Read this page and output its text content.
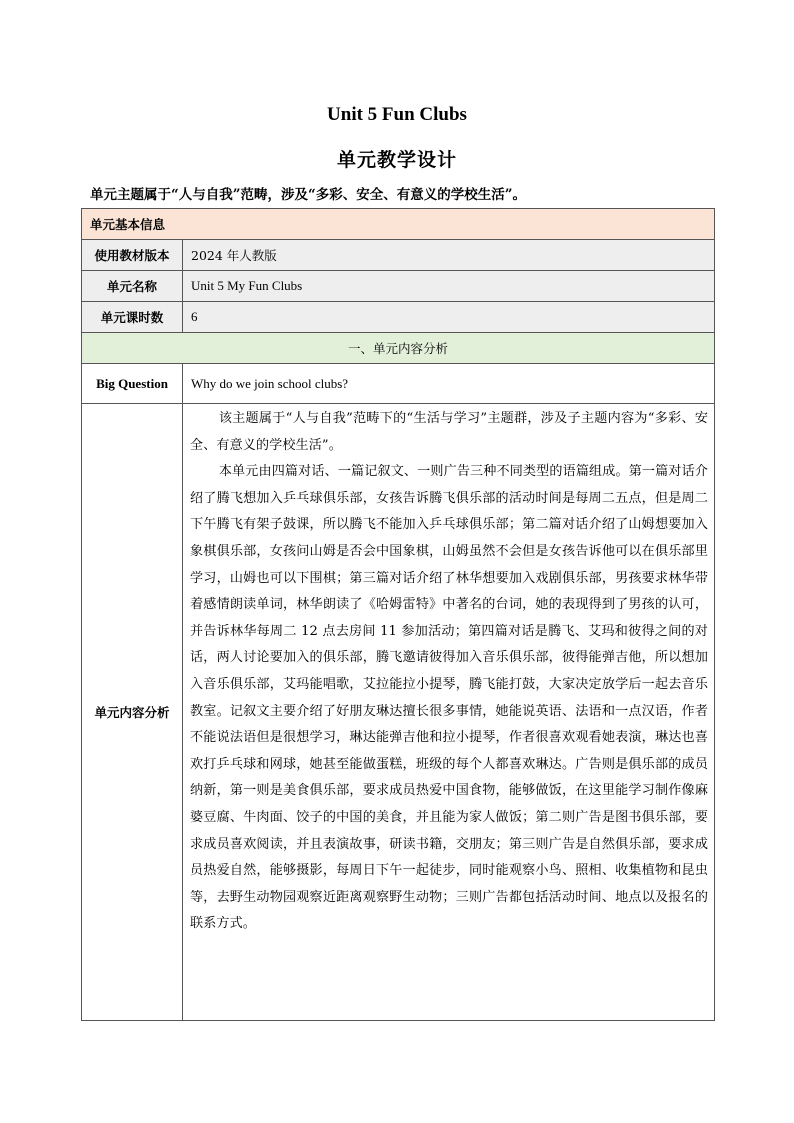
Unit 5 Fun Clubs
单元教学设计
单元主题属于“人与自我”范畴，涉及“多彩、安全、有意义的学校生活”。
单元基本信息	
使用教材版本	2024 年人教版
单元名称	Unit 5 My Fun Clubs
单元课时数	6
一、单元内容分析	
Big Question	Why do we join school clubs?
单元内容分析	该主题属于“人与自我”范畴下的“生活与学习”主题群，涉及子主题内容为“多彩、安全、有意义的学校生活”。

本单元由四篇对话、一篇记叙文、一则广告三种不同类型的语篇组成。第一篇对话介绍了腾飞想加入乒乓球俱乐部，女孩告诉腾飞俱乐部的活动时间是每周二五点，但是周二下午腾飞有架子鼓课，所以腾飞不能加入乒乓球俱乐部；第二篇对话介绍了山姆想要加入象棋俱乐部，女孩问山姆是否会中国象棋，山姆虽然不会但是女孩告诉他可以在俱乐部里学习，山姆也可以下围棋；第三篇对话介绍了林华想要加入戏剧俱乐部，男孩要求林华带着感情朗读单词，林华朗读了《哈姆雷特》中著名的台词，她的表现得到了男孩的认可，并告诉林华每周二 12 点去房间 11 参加活动；第四篇对话是腾飞、艾玛和彼得之间的对话，两人讨论要加入的俱乐部，腾飞邀请彼得加入音乐俱乐部，彼得能弹吉他，所以想加入音乐俱乐部，艾玛能唱歌，艾拉能拉小提琴，腾飞能打鼓，大家决定放学后一起去音乐教室。记叙文主要介绍了好朋友琳达擅长很多事情，她能说英语、法语和一点汉语，作者不能说法语但是很想学习，琳达能弹吉他和拉小提琴，作者很喜欢观看她表演，琳达也喜欢打乒乓球和网球，她甚至能做蛋糕，班级的每个人都喜欢琳达。广告则是俱乐部的成员纳新，第一则是美食俱乐部，要求成员热爱中国食物，能够做饭，在这里能学习制作像麻婆豆腐、牛肉面、饺子的中国的美食，并且能为家人做饭；第二则广告是图书俱乐部，要求成员喜欢阅读，并且表演故事，研读书籍，交朋友；第三则广告是自然俱乐部，要求成员热爱自然，能够摄影，每周日下午一起徒步，同时能观察小鸟、照相、收集植物和昆虫等，去野生动物园观察近距离观察野生动物；三则广告都包括活动时间、地点以及报名的联系方式。
